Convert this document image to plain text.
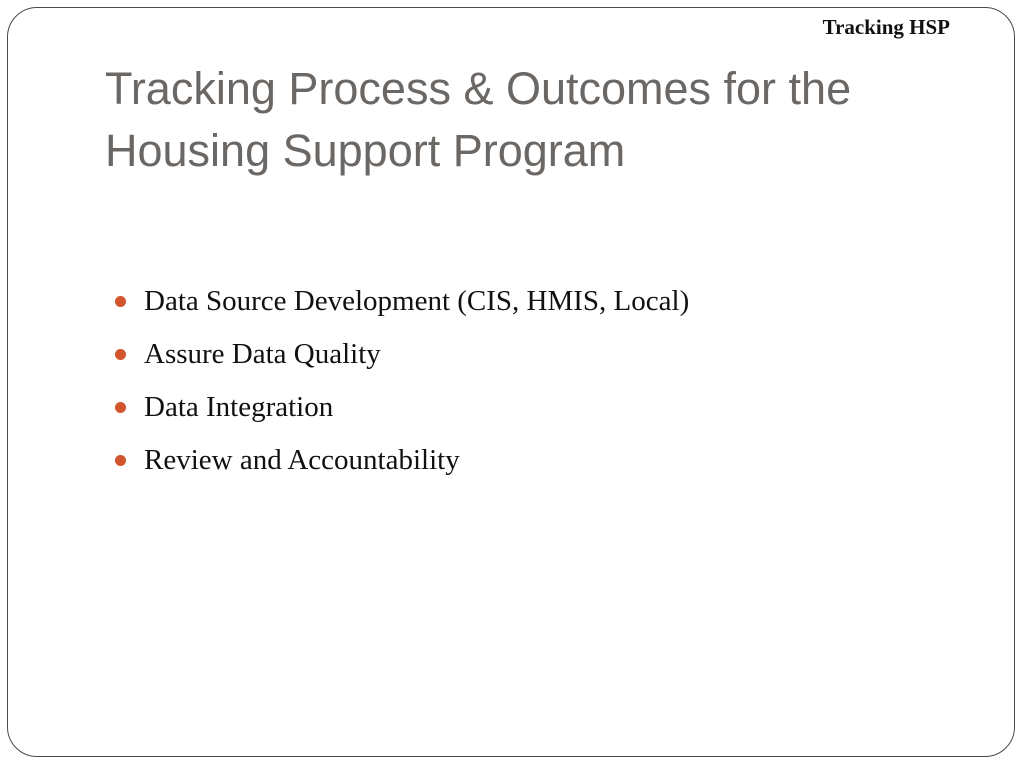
Tracking HSP
Tracking Process & Outcomes for the
Housing Support Program
Data Source Development (CIS, HMIS, Local)
Assure Data Quality
Data Integration
Review and Accountability
